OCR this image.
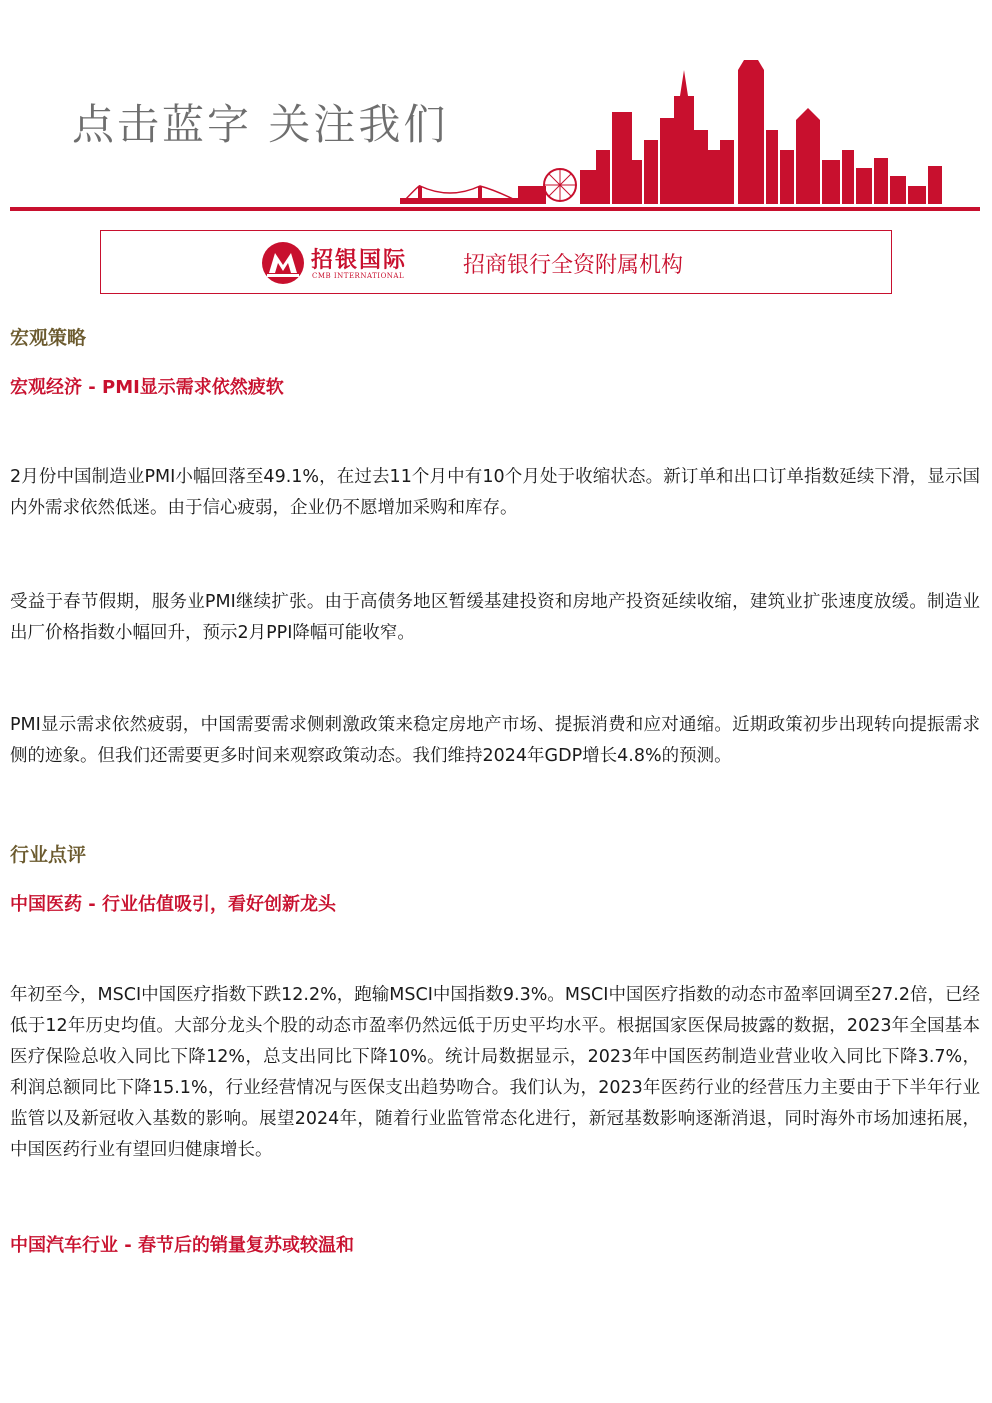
点击蓝字 关注我们
招银国际
CMB INTERNATIONAL	招商银行全资附属机构
宏观策略
宏观经济 - PMI显示需求依然疲软
2月份中国制造业PMI小幅回落至49.1%，在过去11个月中有10个月处于收缩状态。新订单和出口订单指数延续下滑，显示国内外需求依然低迷。由于信心疲弱，企业仍不愿增加采购和库存。
受益于春节假期，服务业PMI继续扩张。由于高债务地区暂缓基建投资和房地产投资延续收缩，建筑业扩张速度放缓。制造业出厂价格指数小幅回升，预示2月PPI降幅可能收窄。
PMI显示需求依然疲弱，中国需要需求侧刺激政策来稳定房地产市场、提振消费和应对通缩。近期政策初步出现转向提振需求侧的迹象。但我们还需要更多时间来观察政策动态。我们维持2024年GDP增长4.8%的预测。
行业点评
中国医药 - 行业估值吸引，看好创新龙头
年初至今，MSCI中国医疗指数下跌12.2%，跑输MSCI中国指数9.3%。MSCI中国医疗指数的动态市盈率回调至27.2倍，已经低于12年历史均值。大部分龙头个股的动态市盈率仍然远低于历史平均水平。根据国家医保局披露的数据，2023年全国基本医疗保险总收入同比下降12%，总支出同比下降10%。统计局数据显示，2023年中国医药制造业营业收入同比下降3.7%，利润总额同比下降15.1%，行业经营情况与医保支出趋势吻合。我们认为，2023年医药行业的经营压力主要由于下半年行业监管以及新冠收入基数的影响。展望2024年，随着行业监管常态化进行，新冠基数影响逐渐消退，同时海外市场加速拓展，中国医药行业有望回归健康增长。
中国汽车行业 - 春节后的销量复苏或较温和
